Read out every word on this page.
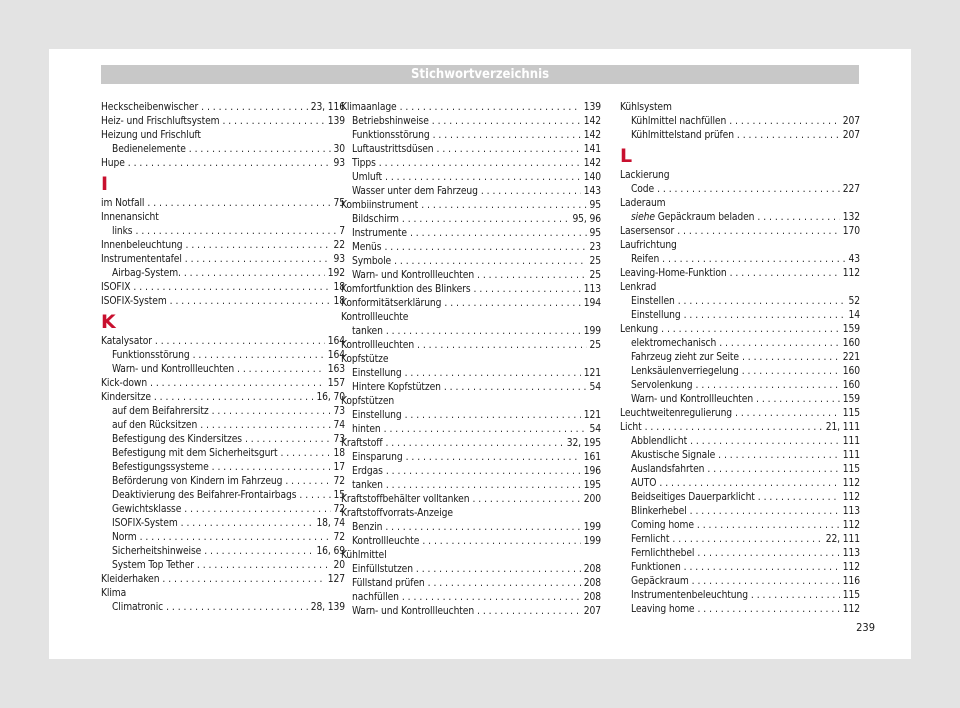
Stichwortverzeichnis
Heckscheibenwischer . . .	23, 116
Heiz- und Frischluftsystem . . .	139
Heizung und Frischluft
Bedienelemente . . .	30
Hupe . . .	93
I
im Notfall . . .	75
Innenansicht
links . . .	7
Innenbeleuchtung . . .	22
Instrumententafel . . .	93
Airbag-System. . . .	192
ISOFIX . . .	18
ISOFIX-System . . .	18
K
Katalysator . . .	164
Funktionsstörung . . .	164
Warn- und Kontrollleuchten . . .	163
Kick-down . . .	157
Kindersitze . . .	16, 70
auf dem Beifahrersitz . . .	73
auf den Rücksitzen . . .	74
Befestigung des Kindersitzes . . .	73
Befestigung mit dem Sicherheitsgurt . . .	18
Befestigungssysteme . . .	17
Beförderung von Kindern im Fahrzeug . . .	72
Deaktivierung des Beifahrer-Frontairbags . . .	15
Gewichtsklasse . . .	72
ISOFIX-System . . .	18, 74
Norm . . .	72
Sicherheitshinweise . . .	16, 69
System Top Tether . . .	20
Kleiderhaken . . .	127
Klima
Climatronic . . .	28, 139
Klimaanlage . . .	139
Betriebshinweise . . .	142
Funktionsstörung . . .	142
Luftaustrittsdüsen . . .	141
Tipps . . .	142
Umluft . . .	140
Wasser unter dem Fahrzeug . . .	143
Kombiinstrument . . .	95
Bildschirm . . .	95, 96
Instrumente . . .	95
Menüs . . .	23
Symbole . . .	25
Warn- und Kontrollleuchten . . .	25
Komfortfunktion des Blinkers . . .	113
Konformitätserklärung . . .	194
Kontrollleuchte
tanken . . .	199
Kontrollleuchten . . .	25
Kopfstütze
Einstellung . . .	121
Hintere Kopfstützen . . .	54
Kopfstützen
Einstellung . . .	121
hinten . . .	54
Kraftstoff . . .	32, 195
Einsparung . . .	161
Erdgas . . .	196
tanken . . .	195
Kraftstoffbehälter volltanken . . .	200
Kraftstoffvorrats-Anzeige
Benzin . . .	199
Kontrollleuchte . . .	199
Kühlmittel
Einfüllstutzen . . .	208
Füllstand prüfen . . .	208
nachfüllen . . .	208
Warn- und Kontrollleuchten . . .	207
Kühlsystem
Kühlmittel nachfüllen . . .	207
Kühlmittelstand prüfen . . .	207
L
Lackierung
Code . . .	227
Laderaum
siehe Gepäckraum beladen . . .	132
Lasersensor . . .	170
Laufrichtung
Reifen . . .	43
Leaving-Home-Funktion . . .	112
Lenkrad
Einstellen . . .	52
Einstellung . . .	14
Lenkung . . .	159
elektromechanisch . . .	160
Fahrzeug zieht zur Seite . . .	221
Lenksäulenverriegelung . . .	160
Servolenkung . . .	160
Warn- und Kontrollleuchten . . .	159
Leuchtweitenregulierung . . .	115
Licht . . .	21, 111
Abblendlicht . . .	111
Akustische Signale . . .	111
Auslandsfahrten . . .	115
AUTO . . .	112
Beidseitiges Dauerparklicht . . .	112
Blinkerhebel . . .	113
Coming home . . .	112
Fernlicht . . .	22, 111
Fernlichthebel . . .	113
Funktionen . . .	112
Gepäckraum . . .	116
Instrumentenbeleuchtung . . .	115
Leaving home . . .	112
239
